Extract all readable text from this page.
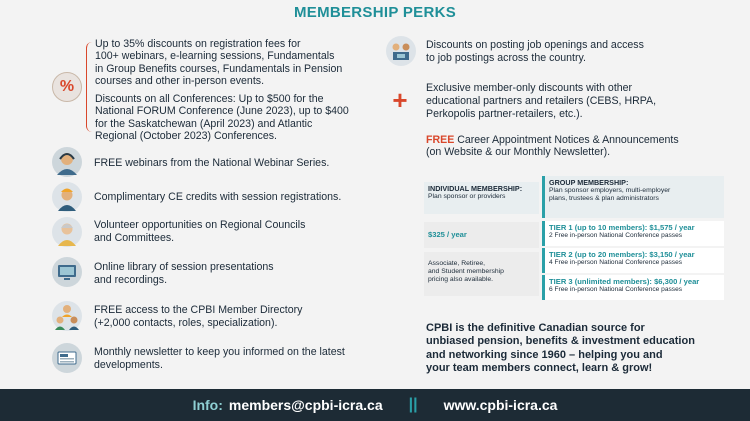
MEMBERSHIP PERKS
%
Up to 35% discounts on registration fees for
100+ webinars, e-learning sessions, Fundamentals
in Group Benefits courses, Fundamentals in Pension
courses and other in-person events.
Discounts on all Conferences: Up to $500 for the
National FORUM Conference (June 2023), up to $400
for the Saskatchewan (April 2023) and Atlantic
Regional (October 2023) Conferences.
FREE webinars from the National Webinar Series.
Complimentary CE credits with session registrations.
Volunteer opportunities on Regional Councils
and Committees.
Online library of session presentations
and recordings.
FREE access to the CPBI Member Directory
(+2,000 contacts, roles, specialization).
Monthly newsletter to keep you informed on the latest
developments.
Discounts on posting job openings and access
to job postings across the country.
+ Exclusive member-only discounts with other
educational partners and retailers (CEBS, HRPA,
Perkopolis partner-retailers, etc.).
FREE Career Appointment Notices & Announcements
(on Website & our Monthly Newsletter).
INDIVIDUAL MEMBERSHIP:
Plan sponsor or providers
GROUP MEMBERSHIP:
Plan sponsor employers, multi-employer
plans, trustees & plan administrators
$325 / year
TIER 1 (up to 10 members): $1,575 / year
2 Free in-person National Conference passes
Associate, Retiree,
and Student membership
pricing also available.
TIER 2 (up to 20 members): $3,150 / year
4 Free in-person National Conference passes
TIER 3 (unlimited members): $6,300 / year
6 Free in-person National Conference passes
CPBI is the definitive Canadian source for
unbiased pension, benefits & investment education
and networking since 1960 – helping you and
your team members connect, learn & grow!
Info: members@cpbi-icra.ca || www.cpbi-icra.ca
